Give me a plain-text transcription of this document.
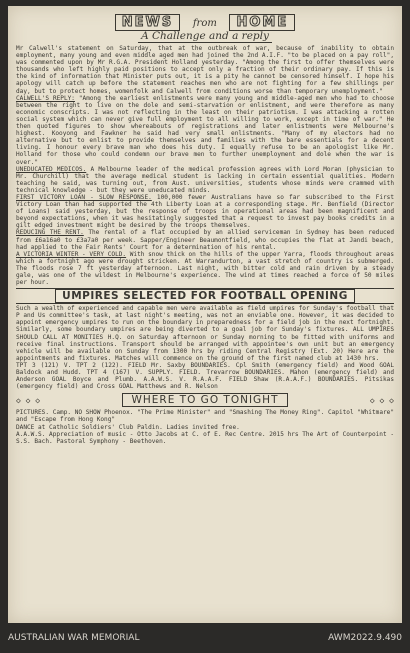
NEWS from HOME
A Challenge and a reply

Mr Calwell's statement on Saturday, that at the outbreak of war, because of inability to obtain employment, many young and even middle aged men had joined the 2nd A.I.F. "to be placed on a pay roll", was commented upon by Mr R.G.A. President Holland yesterday. "Among the first to offer themselves were thousands who left highly paid positions to accept only a fraction of their ordinary pay. If this is the kind of information that Minister puts out, it is a pity he cannot be censored himself. I hope his apology will catch up before the statement reaches men who are not fighting for a few shillings per day, but to protect homes, womenfolk and Calwell from conditions worse than temporary unemployment."

CALWELL'S REPLY: "Among the earliest enlistments were many young and middle-aged men who had to choose between the right to live on the dole and semi-starvation or enlistment, and were therefore as many economic conscripts. I was not reflecting in the least on their patriotism. I was attacking a rotten social system which can never give full employment to all willing to work, except in time of war." He then quoted figures to show whereabouts of registrations and later enlistments were Melbourne's highest. Kooyong and Fawkner he said had very small enlistments. "Many of my electors had no alternative but to enlist to provide themselves and families with the bare essentials for a decent living. I honour every brave man who does his duty. I equally refuse to be an apologist like Mr. Holland for those who could condemn our brave men to further unemployment and dole when the war is over."

UNEDUCATED MEDICOS. A Melbourne leader of the medical profession agrees with Lord Moran (physician to Mr. Churchill) that the average medical student is lacking in certain essential qualities. Modern teaching he said, was turning out, from Aust. universities, students whose minds were crammed with technical knowledge - but they were uneducated minds.

FIRST VICTORY LOAN - SLOW RESPONSE. 100,000 fewer Australians have so far subscribed to the First Victory Loan than had supported the 4th Liberty Loan at a corresponding stage. Mr. Benfield (Director of Loans) said yesterday, but the response of troops in operational areas had been magnificent and beyond expectations, when it was hesitatingly suggested that a request to invest pay books credits in a gilt edged investment might be desired by the troops themselves.

REDUCING THE RENT. The rental of a flat occupied by an allied serviceman in Sydney has been reduced from £6a16a0 to £3a7a0 per week. Sapper/Engineer Beaumontfield, who occupies the flat at Jandi beach, had applied to the Fair Rents' Court for a determination of his rental.

A VICTORIA WINTER - VERY COLD. With snow thick on the hills of the upper Yarra, floods throughout areas which a fortnight ago were drought stricken. At Warrandurton, a vast stretch of country is submerged. The floods rose 7 ft yesterday afternoon. Last night, with bitter cold and rain driven by a steady gale, was one of the wildest in Melbourne's experience. The wind at times reached a force of 50 miles per hour.

UMPIRES SELECTED FOR FOOTBALL OPENING

Such a wealth of experienced and capable men were available as field umpires for Sunday's football that P and Us committee's task, at last night's meeting, was not an enviable one. However, it was decided to appoint emergency umpires to run on the boundary in preparedness for a field job in the next fortnight. Similarly, some boundary umpires are being diverted to a goal job for Sunday's fixtures. ALL UMPIRES SHOULD CALL AT MONITIES H.Q. on Saturday afternoon or Sunday morning to be fitted with uniforms and receive final instructions. Transport should be arranged with appointee's own unit but an emergency vehicle will be available on Sunday from 1300 hrs by riding Central Registry (Ext. 20) Here are the appointments and fixtures. Matches will commence on the ground of the first named club at 1430 hrs.

TPT 3 (121) V. TPT 2 (122). FIELD Mr. Saxby BOUNDARIES. Cpl Smith (emergency field) and Wood GOAL Baldock and Hudd. TPT 4 (167) V. SUPPLY. FIELD. Trevarrow BOUNDARIES. Mahon (emergency field) and Anderson GOAL Boyce and Plumb. A.A.W.S. V. R.A.A.F. FIELD Shaw (R.A.A.F.) BOUNDARIES. Pitsikas (emergency field) and Cross GOAL Matthews and R. Nelson

◇ ◇ ◇	WHERE TO GO TONIGHT	◇ ◇ ◇

PICTURES. Camp. NO SHOW Phoenox. "The Prime Minister" and "Smashing The Money Ring". Capitol "Whitmare" and "Escape from Hong Kong"

DANCE at Catholic Soldiers' Club Paldin. Ladies invited free.

A.A.W.S. Appreciation of music - Otto Jacobs at C. of E. Rec Centre. 2015 hrs The Art of Counterpoint - S.S. Bach. Pastoral Symphony - Beethoven.

AUSTRALIAN WAR MEMORIAL	AWM2022.9.490
